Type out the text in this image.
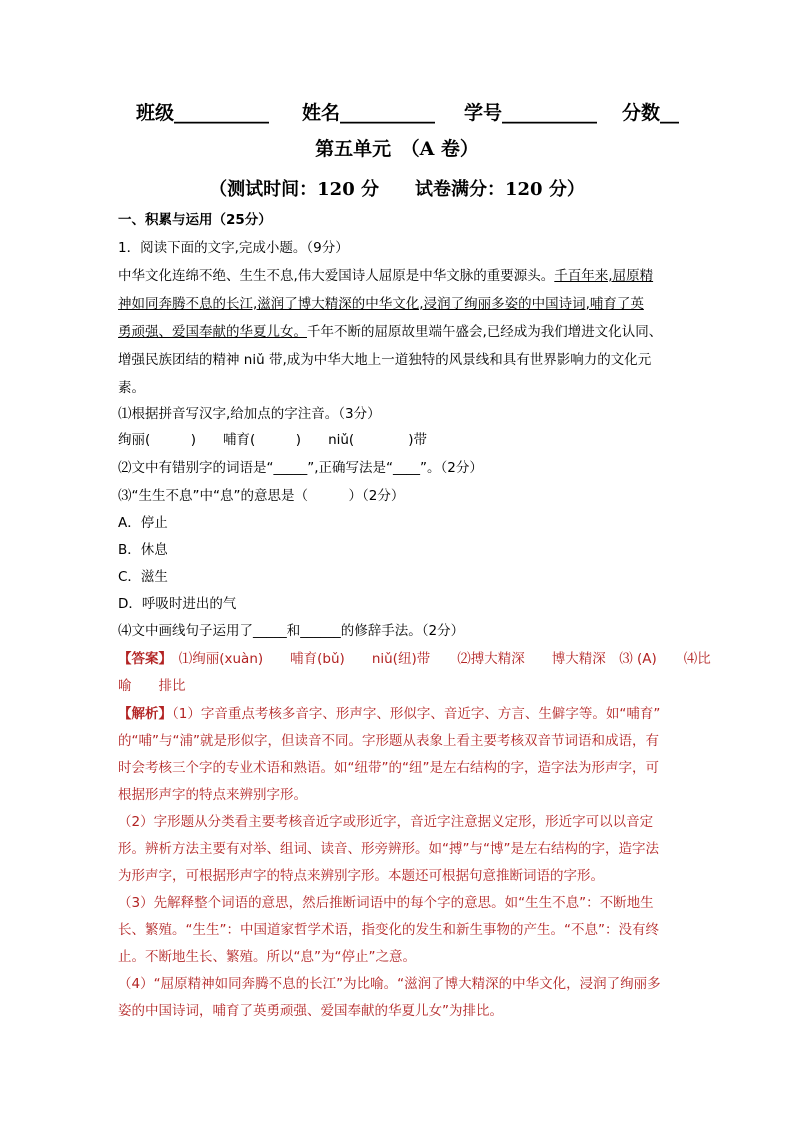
班级__________ 姓名__________ 学号__________ 分数__
第五单元　（A 卷）
（测试时间：120 分　　试卷满分：120 分）
一、积累与运用（25分）
1．阅读下面的文字,完成小题。（9分）
中华文化连绵不绝、生生不息,伟大爱国诗人屈原是中华文脉的重要源头。千百年来,屈原精
神如同奔腾不息的长江,滋润了博大精深的中华文化,浸润了绚丽多姿的中国诗词,哺育了英
勇顽强、爱国奉献的华夏儿女。千年不断的屈原故里端午盛会,已经成为我们增进文化认同、
增强民族团结的精神 niǔ 带,成为中华大地上一道独特的风景线和具有世界影响力的文化元
素。
⑴根据拼音写汉字,给加点的字注音。（3分）
绚丽(　　　)　　哺育(　　　)　　niǔ(　　　　)带
⑵文中有错别字的词语是“_____”,正确写法是“____”。（2分）
⑶“生生不息”中“息”的意思是（　　　）（2分）
A．停止
B．休息
C．滋生
D．呼吸时进出的气
⑷文中画线句子运用了_____和______的修辞手法。（2分）
【答案】　⑴绚丽(xuàn)　　哺育(bǔ)　　niǔ(纽)带　　⑵搏大精深　　博大精深　⑶ (A)　　⑷比
喻　　排比
【解析】（1）字音重点考核多音字、形声字、形似字、音近字、方言、生僻字等。如“哺育”
的“哺”与“浦”就是形似字，但读音不同。字形题从表象上看主要考核双音节词语和成语，有
时会考核三个字的专业术语和熟语。如“纽带”的“纽”是左右结构的字，造字法为形声字，可
根据形声字的特点来辨别字形。
（2）字形题从分类看主要考核音近字或形近字，音近字注意据义定形，形近字可以以音定
形。辨析方法主要有对举、组词、读音、形旁辨形。如“搏”与“博”是左右结构的字，造字法
为形声字，可根据形声字的特点来辨别字形。本题还可根据句意推断词语的字形。
（3）先解释整个词语的意思，然后推断词语中的每个字的意思。如“生生不息”：不断地生
长、繁殖。“生生”：中国道家哲学术语，指变化的发生和新生事物的产生。“不息”：没有终
止。不断地生长、繁殖。所以“息”为“停止”之意。
（4）“屈原精神如同奔腾不息的长江”为比喻。“滋润了博大精深的中华文化，浸润了绚丽多
姿的中国诗词，哺育了英勇顽强、爱国奉献的华夏儿女”为排比。
